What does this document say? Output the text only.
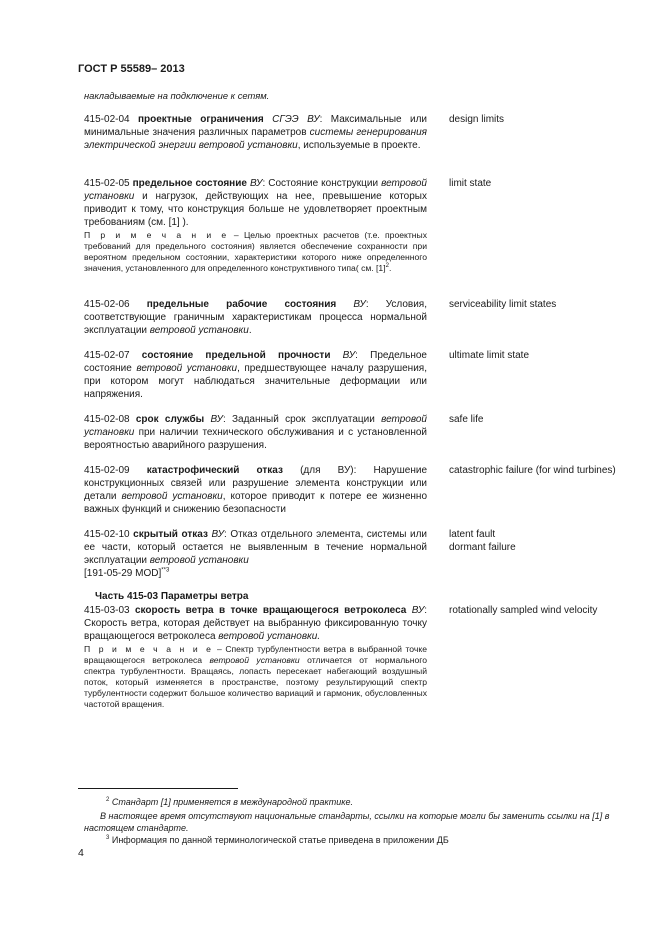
ГОСТ Р 55589– 2013
накладываемые на подключение к сетям.
415-02-04 проектные ограничения СГЭЭ ВУ: Максимальные или минимальные значения различных параметров системы генерирования электрической энергии ветровой установки, используемые в проекте.
design limits
415-02-05 предельное состояние ВУ: Состояние конструкции ветровой установки и нагрузок, действующих на нее, превышение которых приводит к тому, что конструкция больше не удовлетворяет проектным требованиям (см. [1] ).
П р и м е ч а н и е – Целью проектных расчетов (т.е. проектных требований для предельного состояния) является обеспечение сохранности при вероятном предельном состоянии, характеристики которого ниже определенного значения, установленного для определенного конструктивного типа( см. $[1]^2$.
limit state
415-02-06 предельные рабочие состояния ВУ: Условия, соответствующие граничным характеристикам процесса нормальной эксплуатации ветровой установки.
serviceability limit states
415-02-07 состояние предельной прочности ВУ: Предельное состояние ветровой установки, предшествующее началу разрушения, при котором могут наблюдаться значительные деформации или напряжения.
ultimate limit state
415-02-08 срок службы ВУ: Заданный срок эксплуатации ветровой установки при наличии технического обслуживания и с установленной вероятностью аварийного разрушения.
safe life
415-02-09 катастрофический отказ (для ВУ): Нарушение конструкционных связей или разрушение элемента конструкции или детали ветровой установки, которое приводит к потере ее жизненно важных функций и снижению безопасности
catastrophic failure (for wind turbines)
415-02-10 скрытый отказ ВУ: Отказ отдельного элемента, системы или ее части, который остается не выявленным в течение нормальной эксплуатации ветровой установки
[191-05-29 MOD]$^{**3}$
latent fault
dormant failure
Часть 415-03 Параметры ветра
415-03-03 скорость ветра в точке вращающегося ветроколеса ВУ: Скорость ветра, которая действует на выбранную фиксированную точку вращающегося ветроколеса ветровой установки.
П р и м е ч а н и е – Спектр турбулентности ветра в выбранной точке вращающегося ветроколеса ветровой установки отличается от нормального спектра турбулентности. Вращаясь, лопасть пересекает набегающий воздушный поток, который изменяется в пространстве, поэтому результирующий спектр турбулентности содержит большое количество вариаций и гармоник, обусловленных частотой вращения.
rotationally sampled wind velocity
$^2$ Стандарт [1] применяется в международной практике.
В настоящее время отсутствуют национальные стандарты, ссылки на которые могли бы заменить ссылки на [1] в настоящем стандарте.
$^3$ Информация по данной терминологической статье приведена в приложении ДБ
4
